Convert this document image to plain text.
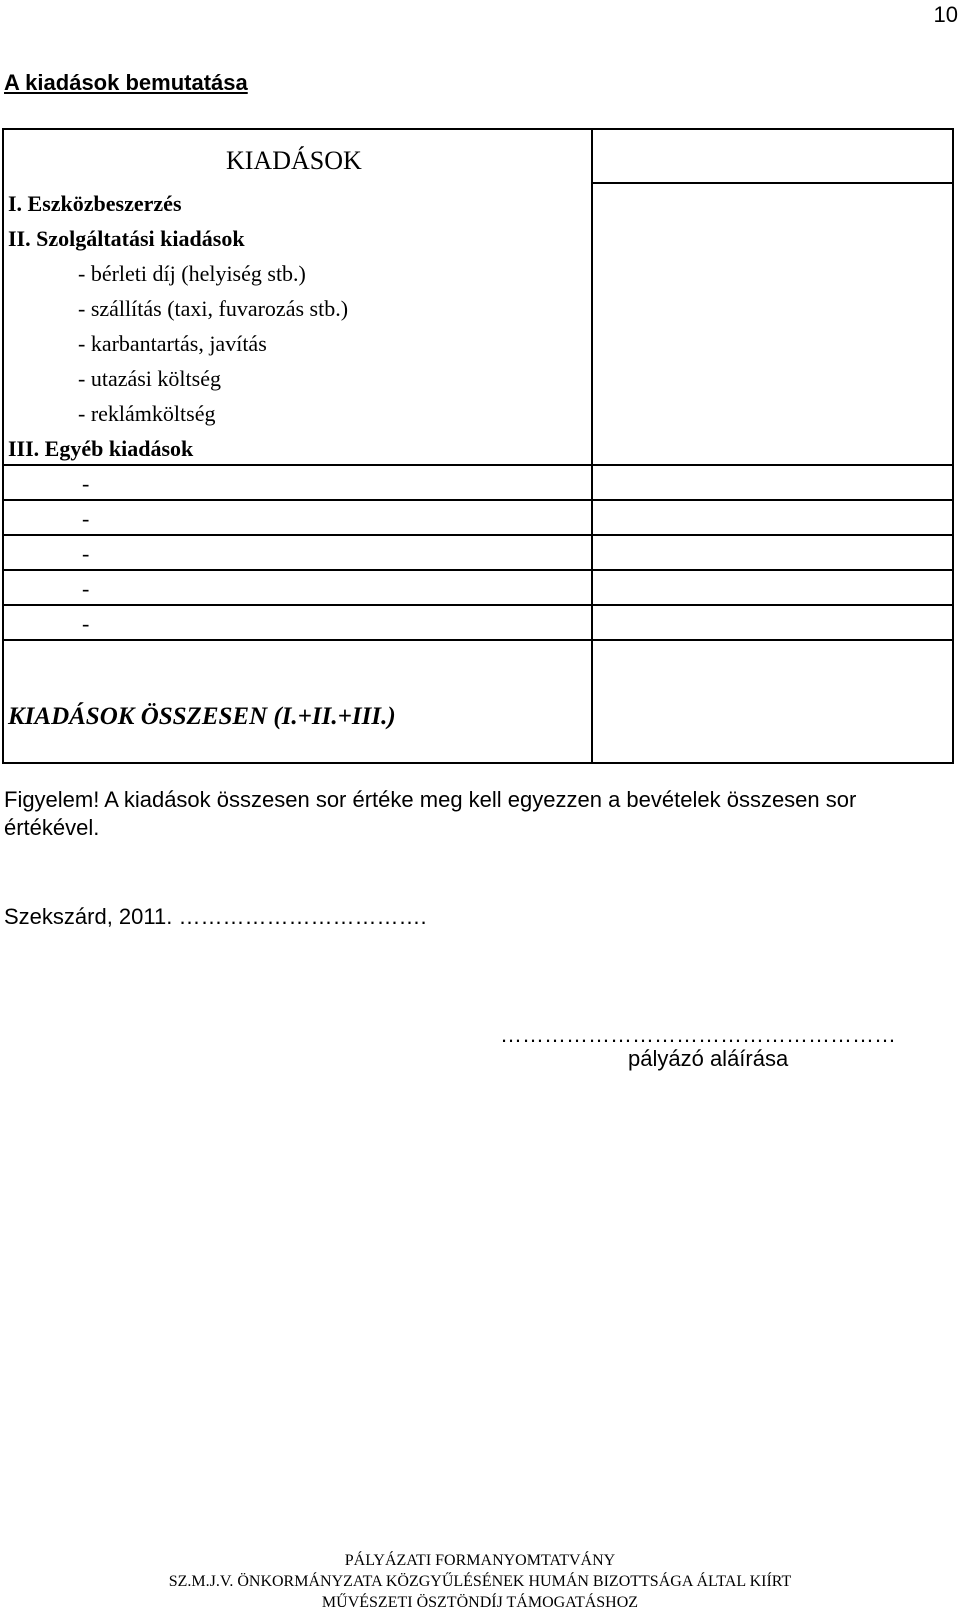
10
A kiadások bemutatása
KIADÁSOK
I. Eszközbeszerzés
II. Szolgáltatási kiadások
- bérleti díj (helyiség stb.)
- szállítás (taxi, fuvarozás stb.)
- karbantartás, javítás
- utazási költség
- reklámköltség
III. Egyéb kiadások
-
-
-
-
-
KIADÁSOK ÖSSZESEN (I.+II.+III.)

Figyelem! A kiadások összesen sor értéke meg kell egyezzen a bevételek összesen sor értékével.

Szekszárd, 2011. …………………………….
………………………………………………
pályázó aláírása
PÁLYÁZATI FORMANYOMTATVÁNY
SZ.M.J.V. ÖNKORMÁNYZATA KÖZGYŰLÉSÉNEK HUMÁN BIZOTTSÁGA ÁLTAL KIÍRT
MŰVÉSZETI ÖSZTÖNDÍJ TÁMOGATÁSHOZ
